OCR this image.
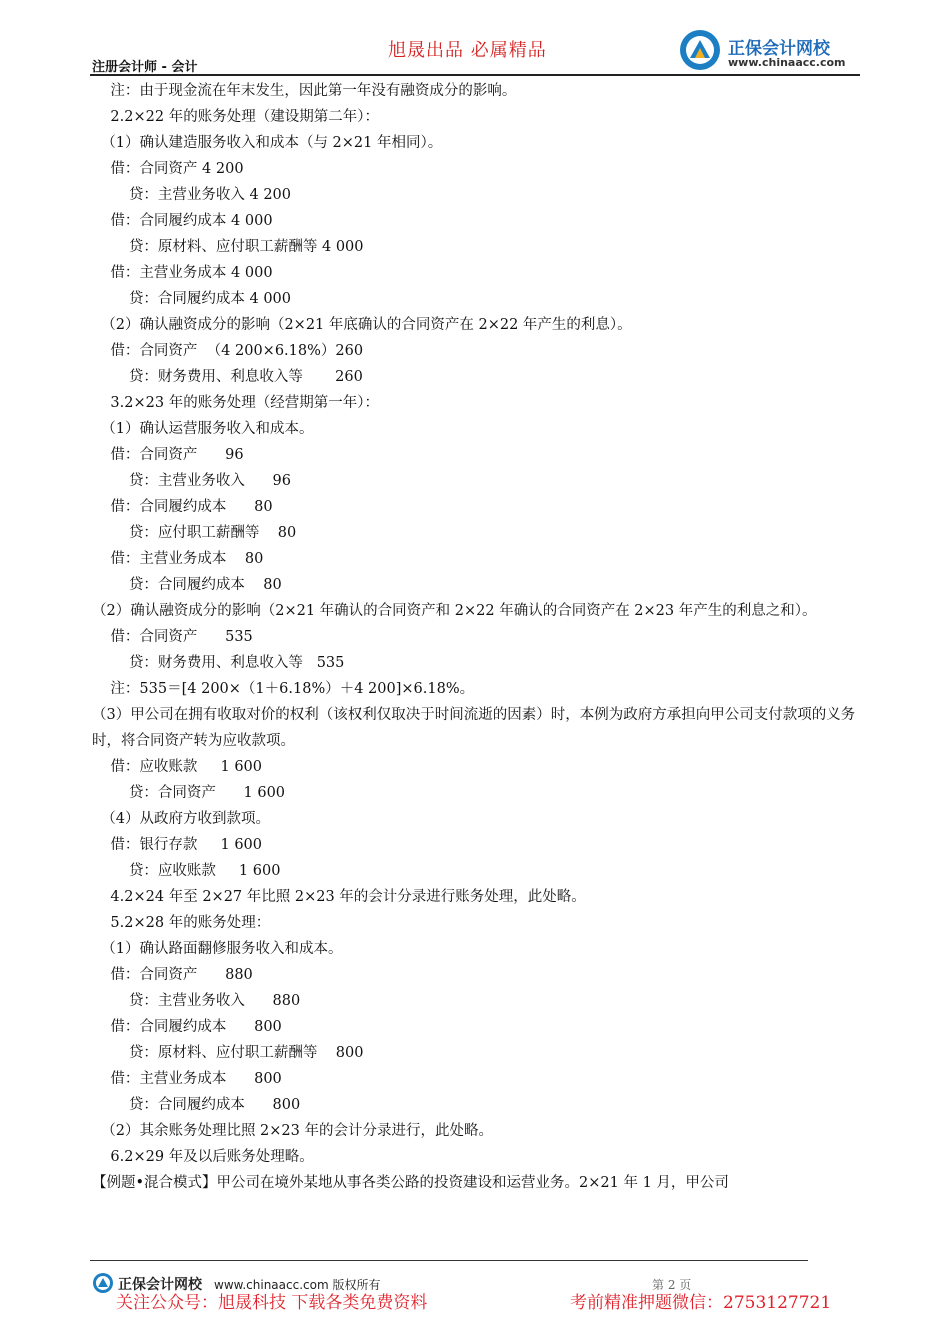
旭晟出品 必属精品
注册会计师 - 会计
正保会计网校
www.chinaacc.com
注：由于现金流在年末发生，因此第一年没有融资成分的影响。
2.2×22 年的账务处理（建设期第二年）：
（1）确认建造服务收入和成本（与 2×21 年相同）。
借：合同资产 4 200
贷：主营业务收入 4 200
借：合同履约成本 4 000
贷：原材料、应付职工薪酬等 4 000
借：主营业务成本 4 000
贷：合同履约成本 4 000
（2）确认融资成分的影响（2×21 年底确认的合同资产在 2×22 年产生的利息）。
借：合同资产  （4 200×6.18%）260
贷：财务费用、利息收入等       260
3.2×23 年的账务处理（经营期第一年）：
（1）确认运营服务收入和成本。
借：合同资产      96
贷：主营业务收入      96
借：合同履约成本      80
贷：应付职工薪酬等    80
借：主营业务成本    80
贷：合同履约成本    80
（2）确认融资成分的影响（2×21 年确认的合同资产和 2×22 年确认的合同资产在 2×23 年产生的利息之和）。
借：合同资产      535
贷：财务费用、利息收入等   535
注：535＝[4 200×（1＋6.18%）＋4 200]×6.18%。
（3）甲公司在拥有收取对价的权利（该权利仅取决于时间流逝的因素）时，本例为政府方承担向甲公司支付款项的义务时，将合同资产转为应收款项。
借：应收账款     1 600
贷：合同资产      1 600
（4）从政府方收到款项。
借：银行存款     1 600
贷：应收账款     1 600
4.2×24 年至 2×27 年比照 2×23 年的会计分录进行账务处理，此处略。
5.2×28 年的账务处理：
（1）确认路面翻修服务收入和成本。
借：合同资产      880
贷：主营业务收入      880
借：合同履约成本      800
贷：原材料、应付职工薪酬等    800
借：主营业务成本      800
贷：合同履约成本      800
（2）其余账务处理比照 2×23 年的会计分录进行，此处略。
6.2×29 年及以后账务处理略。
【例题•混合模式】甲公司在境外某地从事各类公路的投资建设和运营业务。2×21 年 1 月，甲公司
正保会计网校 www.chinaacc.com 版权所有	第 2 页
关注公众号：旭晟科技 下载各类免费资料	考前精准押题微信：2753127721
